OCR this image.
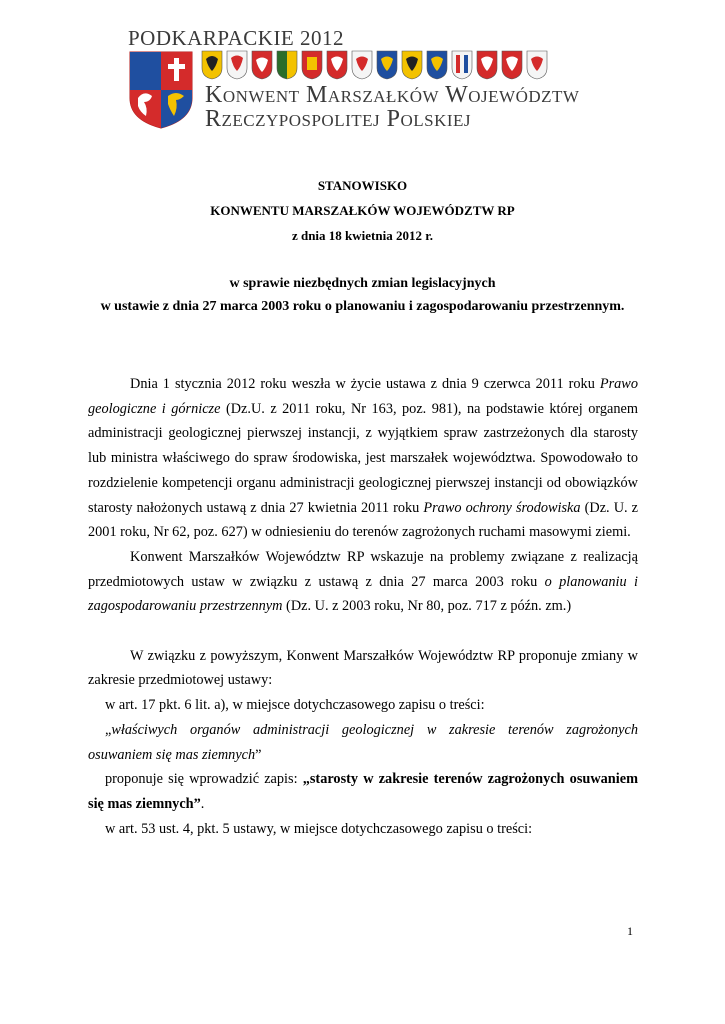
PODKARPACKIE 2012
Konwent Marszałków Województw
Rzeczypospolitej Polskiej
STANOWISKO
KONWENTU MARSZAŁKÓW WOJEWÓDZTW RP
z dnia 18 kwietnia 2012 r.
w sprawie niezbędnych zmian legislacyjnych
w ustawie z dnia 27 marca 2003 roku o planowaniu i zagospodarowaniu przestrzennym.

Dnia 1 stycznia 2012 roku weszła w życie ustawa z dnia 9 czerwca 2011 roku Prawo geologiczne i górnicze (Dz.U. z 2011 roku, Nr 163, poz. 981), na podstawie której organem administracji geologicznej pierwszej instancji, z wyjątkiem spraw zastrzeżonych dla starosty lub ministra właściwego do spraw środowiska, jest marszałek województwa. Spowodowało to rozdzielenie kompetencji organu administracji geologicznej pierwszej instancji od obowiązków starosty nałożonych ustawą z dnia 27 kwietnia 2011 roku Prawo ochrony środowiska (Dz. U. z 2001 roku, Nr 62, poz. 627) w odniesieniu do terenów zagrożonych ruchami masowymi ziemi.

Konwent Marszałków Województw RP wskazuje na problemy związane z realizacją przedmiotowych ustaw w związku z ustawą z dnia 27 marca 2003 roku o planowaniu i zagospodarowaniu przestrzennym (Dz. U. z 2003 roku, Nr 80, poz. 717 z późn. zm.)

W związku z powyższym, Konwent Marszałków Województw RP proponuje zmiany w zakresie przedmiotowej ustawy:

w art. 17 pkt. 6 lit. a), w miejsce dotychczasowego zapisu o treści:

„właściwych organów administracji geologicznej w zakresie terenów zagrożonych osuwaniem się mas ziemnych”

proponuje się wprowadzić zapis: „starosty w zakresie terenów zagrożonych osuwaniem się mas ziemnych”.

w art. 53 ust. 4, pkt. 5 ustawy, w miejsce dotychczasowego zapisu o treści:

1
